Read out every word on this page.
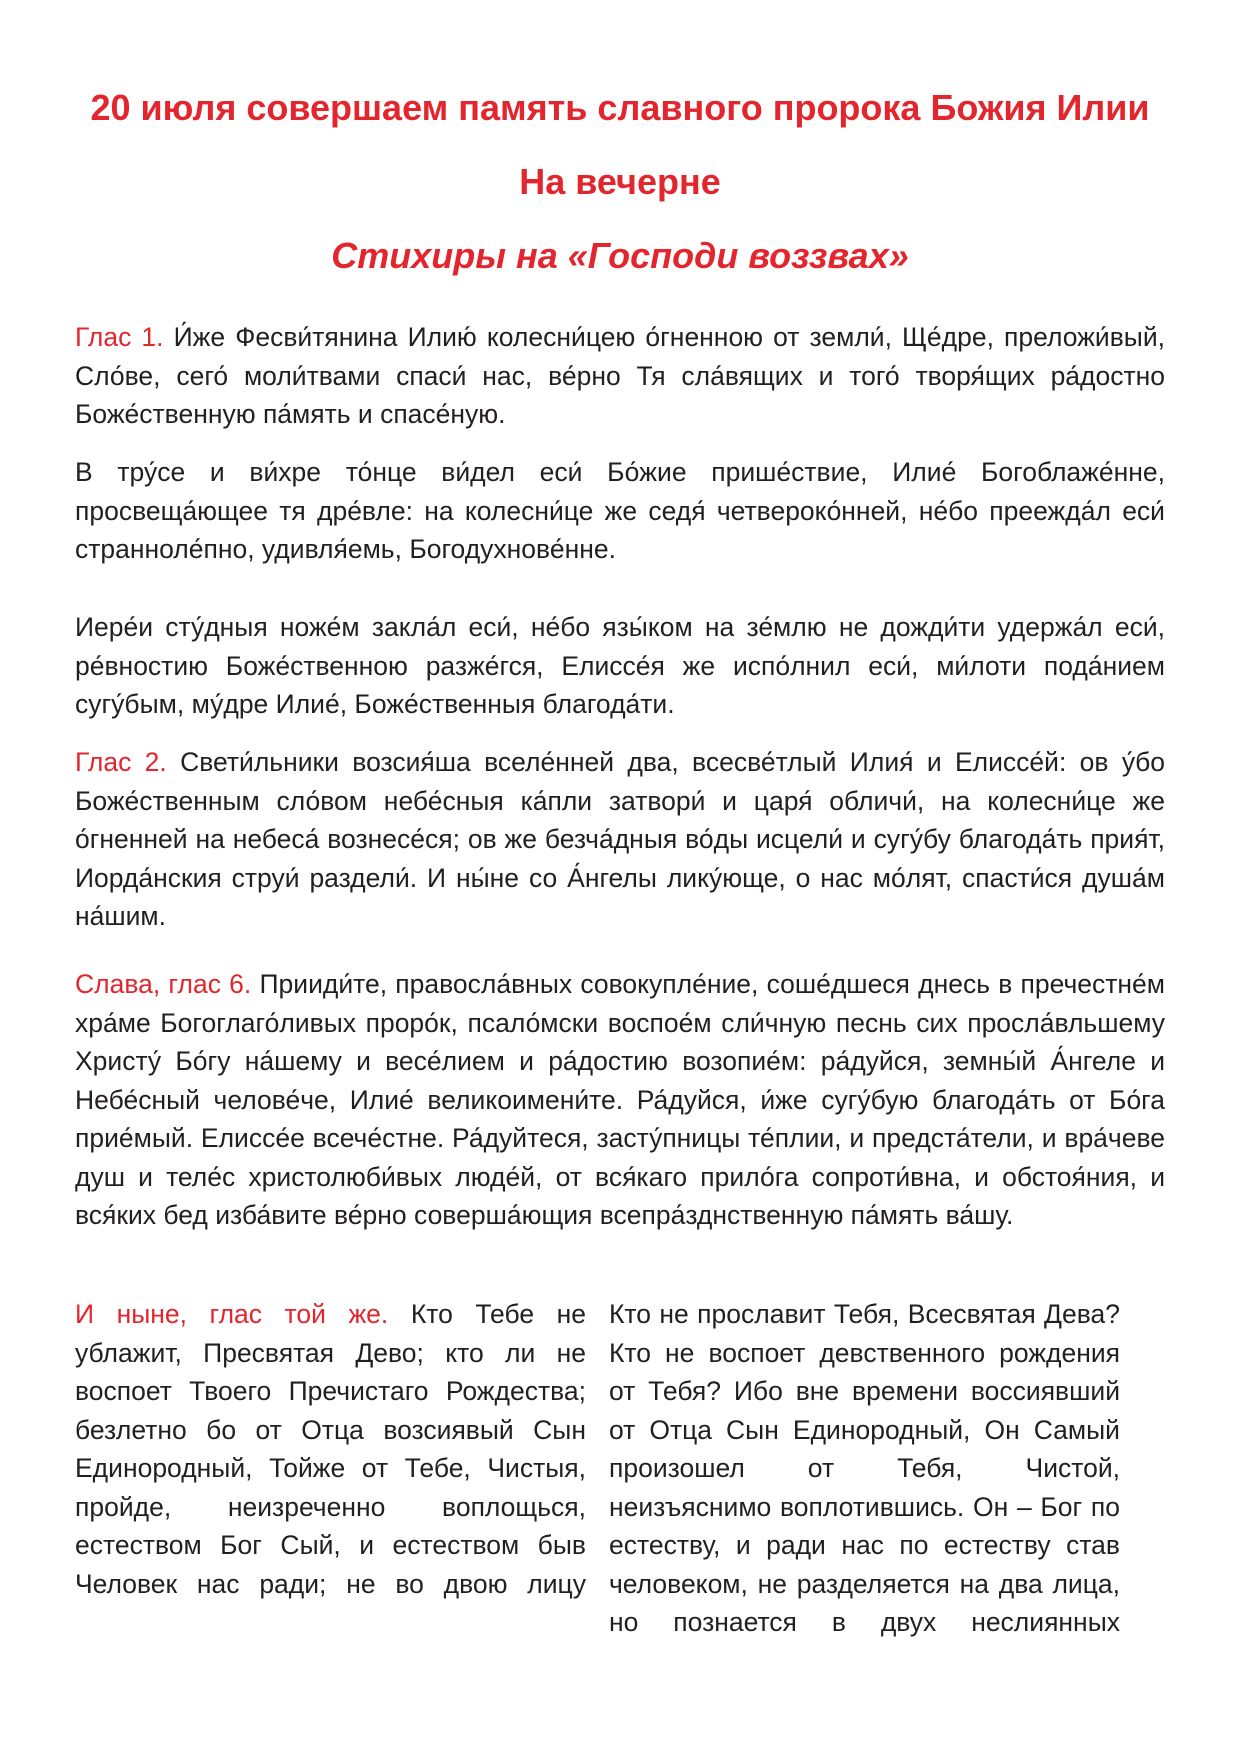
20 июля совершаем память славного пророка Божия Илии
На вечерне
Стихиры на «Господи воззвах»

Глас 1. И́же Фесви́тянина Илию́ колесни́цею о́гненною от земли́, Ще́дре, преложи́вый, Сло́ве, сего́ моли́твами спаси́ нас, ве́рно Тя сла́вящих и того́ творя́щих ра́достно Боже́ственную па́мять и спасе́ную.

В тру́се и ви́хре то́нце ви́дел еси́ Бо́жие прише́ствие, Илие́ Богоблаже́нне, просвеща́ющее тя дре́вле: на колесни́це же седя́ четвероко́нней, не́бо преежда́л еси́ странноле́пно, удивля́емь, Богодухнове́нне.

Иере́и сту́дныя ноже́м закла́л еси́, не́бо язы́ком на зе́млю не дожди́ти удержа́л еси́, ре́вностию Боже́ственною разже́гся, Елиссе́я же испо́лнил еси́, ми́лоти пода́нием сугу́бым, му́дре Илие́, Боже́ственныя благода́ти.

Глас 2. Свети́льники возсия́ша вселе́нней два, всесве́тлый Илия́ и Елиссе́й: ов у́бо Боже́ственным сло́вом небе́сныя ка́пли затвори́ и царя́ обличи́, на колесни́це же о́гненней на небеса́ вознесе́ся; ов же безча́дныя во́ды исцели́ и сугу́бу благода́ть прия́т, Иорда́нския струи́ раздели́. И ны́не со А́нгелы лику́юще, о нас мо́лят, спасти́ся душа́м на́шим.

Слава, глас 6. Прииди́те, правосла́вных совокупле́ние, соше́дшеся днесь в пречестне́м хра́ме Богоглаго́ливых проро́к, псало́мски воспое́м сли́чную песнь сих просла́вльшему Христу́ Бо́гу на́шему и весе́лием и ра́достию возопие́м: ра́дуйся, земны́й А́нгеле и Небе́сный челове́че, Илие́ великоимени́те. Ра́дуйся, и́же сугу́бую благода́ть от Бо́га прие́мый. Елиссе́е всече́стне. Ра́дуйтеся, засту́пницы те́плии, и предста́тели, и вра́чеве душ и теле́с христолюби́вых люде́й, от вся́каго прило́га сопроти́вна, и обстоя́ния, и вся́ких бед изба́вите ве́рно соверша́ющия всепра́зднственную па́мять ва́шу.

И ныне, глас той же. Кто Тебе не ублажит, Пресвятая Дево; кто ли не воспоет Твоего Пречистаго Рождества; безлетно бо от Отца возсиявый Сын Единородный, Тойже от Тебе, Чистыя, пройде, неизреченно воплощься, естеством Бог Сый, и естеством быв Человек нас ради; не во двою лицу

Кто не прославит Тебя, Всесвятая Дева? Кто не воспоет девственного рождения от Тебя? Ибо вне времени воссиявший от Отца Сын Единородный, Он Самый произошел от Тебя, Чистой, неизъяснимо воплотившись. Он – Бог по естеству, и ради нас по естеству став человеком, не разделяется на два лица, но познается в двух неслиянных
